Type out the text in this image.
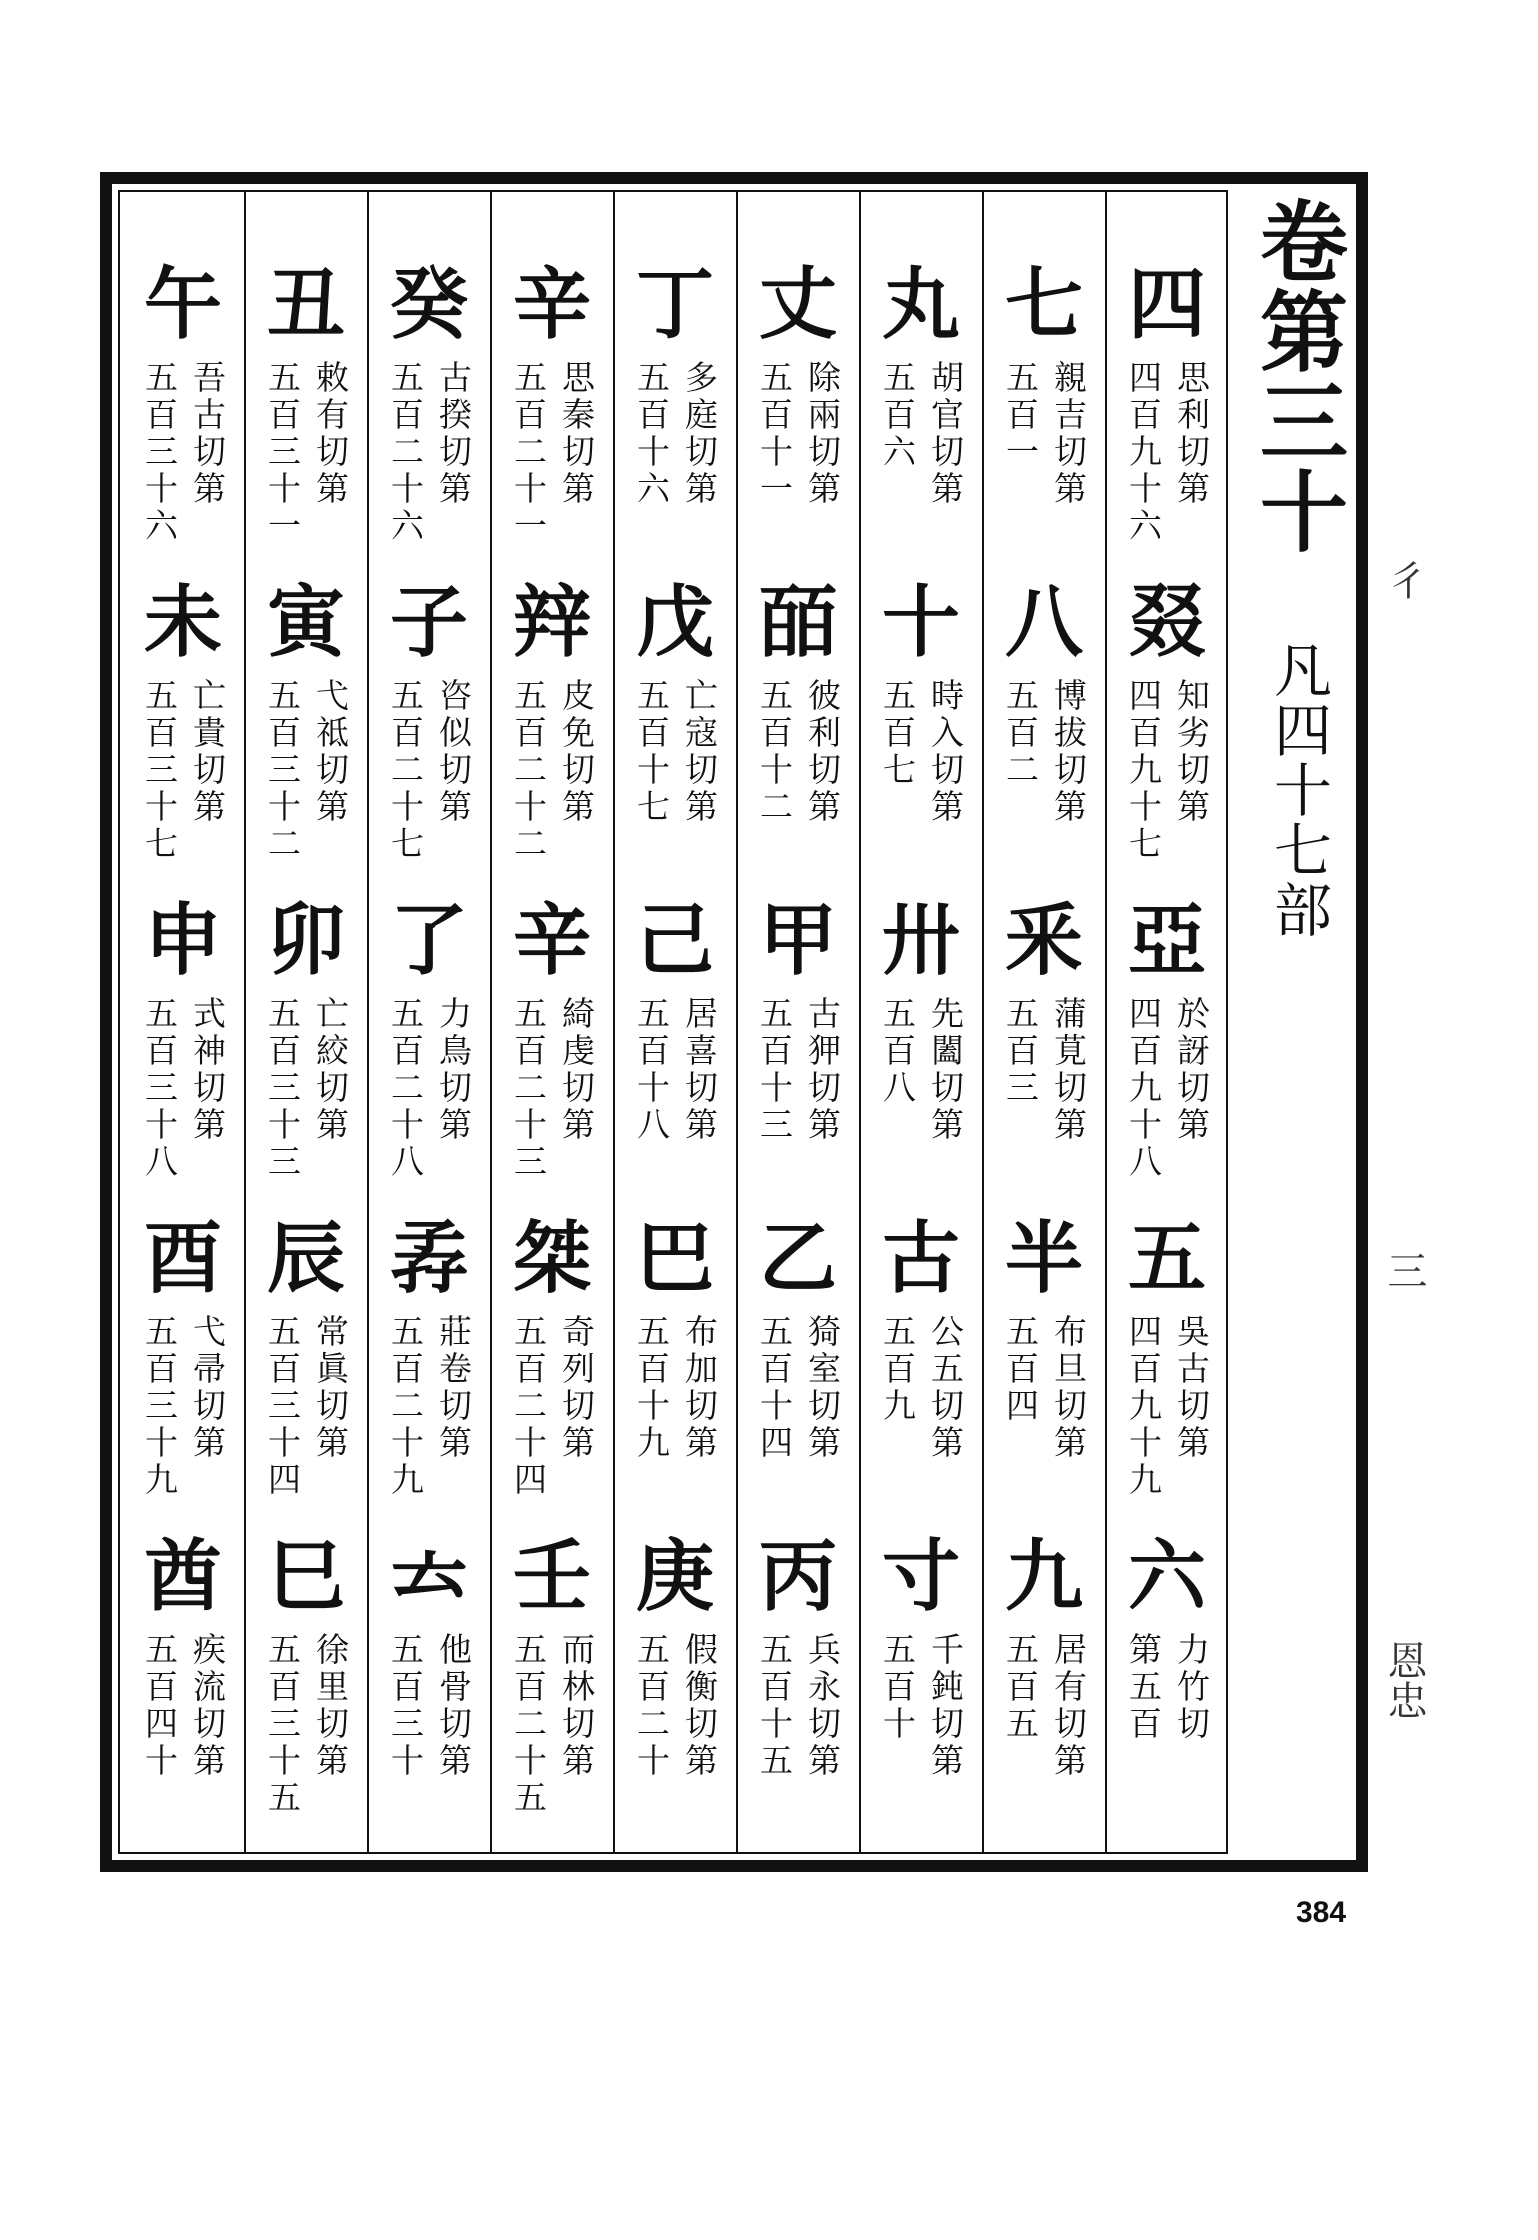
卷第三十
凡四十七部
四
思利切第
四百九十六
叕
知劣切第
四百九十七
亞
於訝切第
四百九十八
五
吳古切第
四百九十九
六
力竹切
第五百
七
親吉切第
五百一
八
博拔切第
五百二
釆
蒲莧切第
五百三
半
布旦切第
五百四
九
居有切第
五百五
丸
胡官切第
五百六
十
時入切第
五百七
卅
先闔切第
五百八
古
公五切第
五百九
寸
千鈍切第
五百十
丈
除兩切第
五百十一
皕
彼利切第
五百十二
甲
古狎切第
五百十三
乙
猗室切第
五百十四
丙
兵永切第
五百十五
丁
多庭切第
五百十六
戊
亡寇切第
五百十七
己
居喜切第
五百十八
巴
布加切第
五百十九
庚
假衡切第
五百二十
辛
思秦切第
五百二十一
辡
皮免切第
五百二十二
辛
綺虔切第
五百二十三
桀
奇列切第
五百二十四
壬
而林切第
五百二十五
癸
古揆切第
五百二十六
子
咨似切第
五百二十七
了
力鳥切第
五百二十八
孨
莊卷切第
五百二十九
𠫓
他骨切第
五百三十
丑
敕有切第
五百三十一
寅
弋祗切第
五百三十二
卯
亡絞切第
五百三十三
辰
常眞切第
五百三十四
巳
徐里切第
五百三十五
午
吾古切第
五百三十六
未
亡貴切第
五百三十七
申
式神切第
五百三十八
酉
弋帚切第
五百三十九
酋
疾流切第
五百四十
彳
三
恩忠
384
